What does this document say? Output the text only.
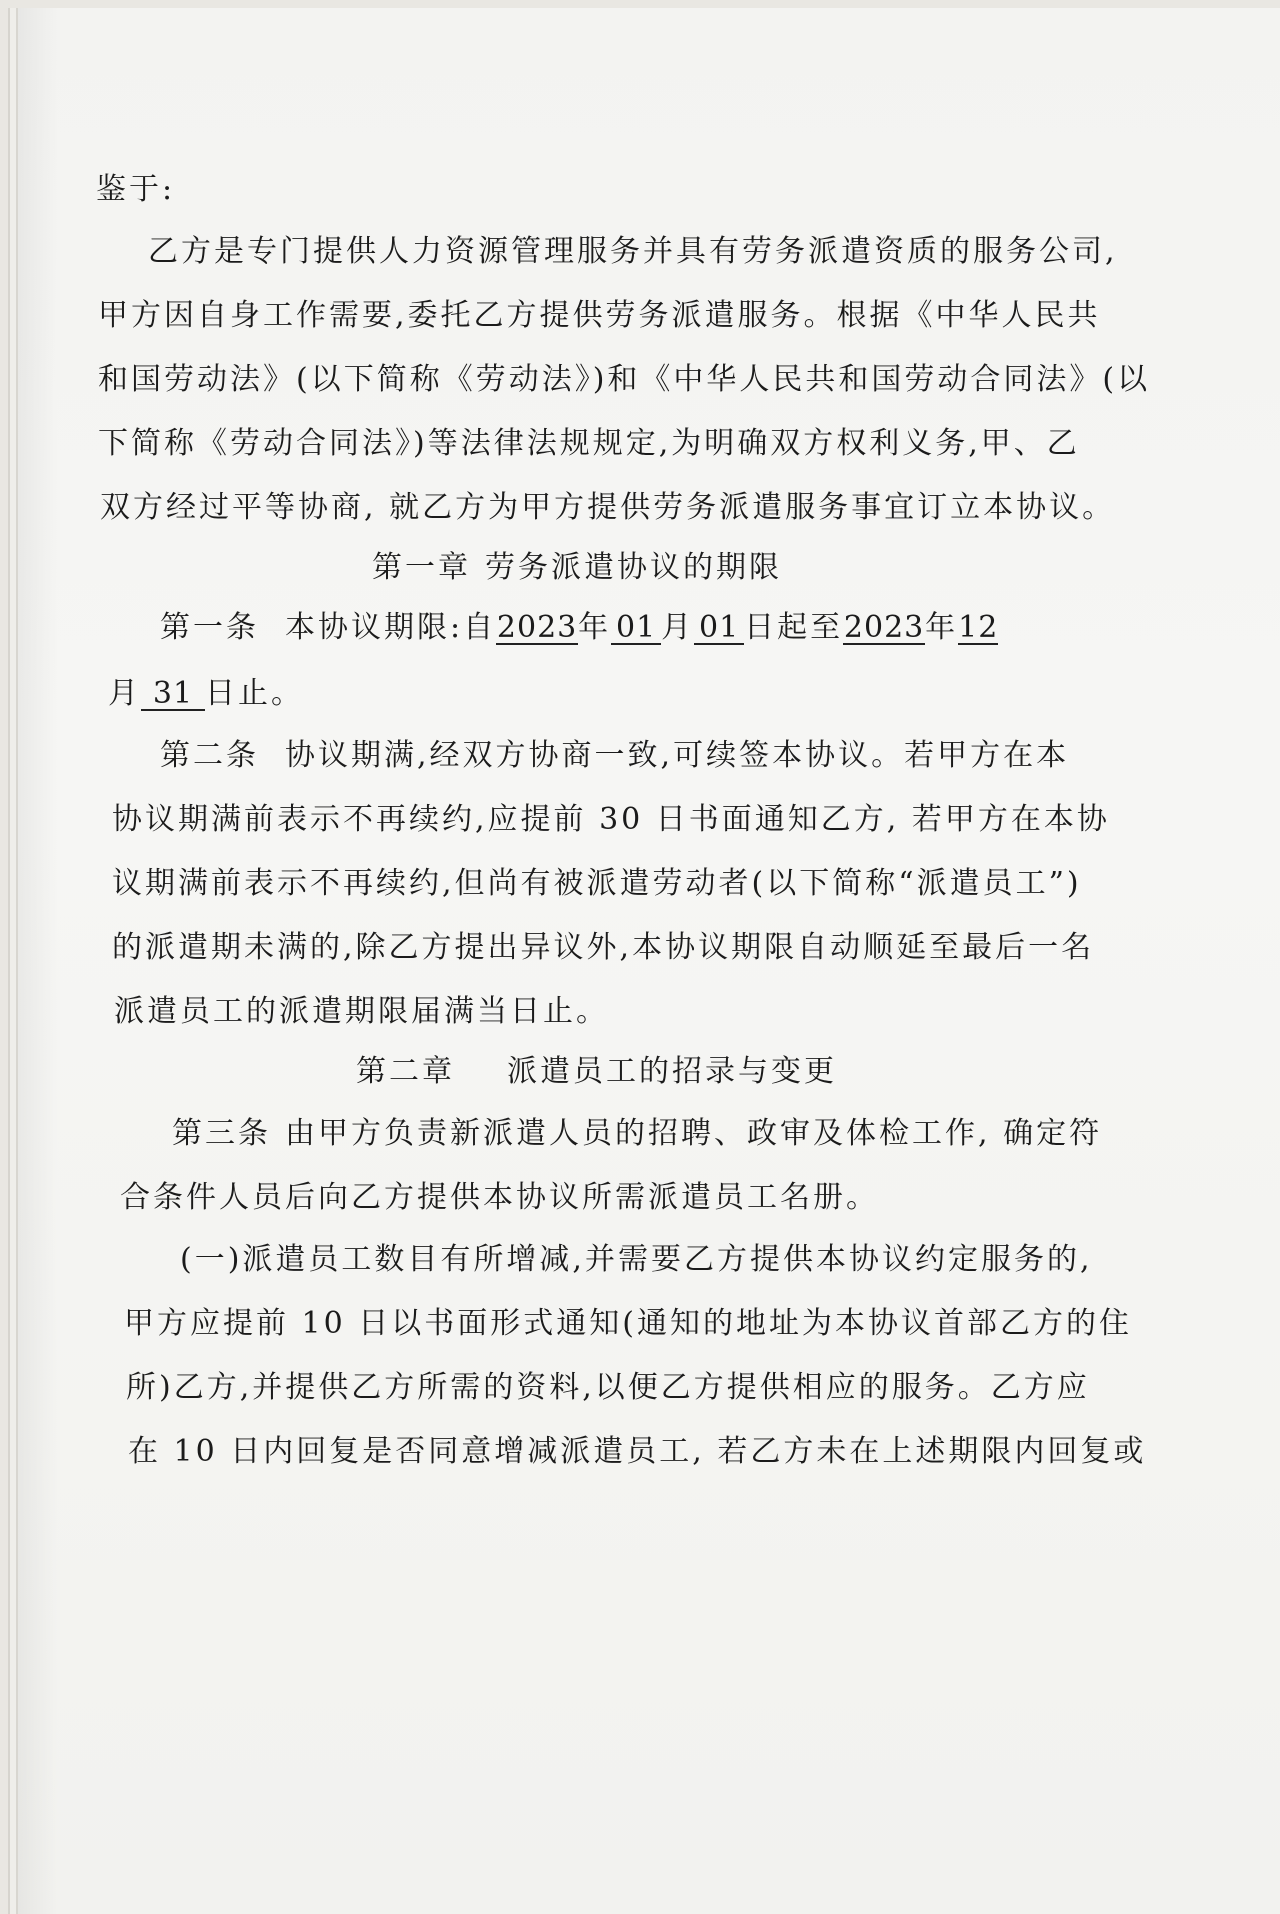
鉴于:
乙方是专门提供人力资源管理服务并具有劳务派遣资质的服务公司,
甲方因自身工作需要,委托乙方提供劳务派遣服务。根据《中华人民共
和国劳动法》(以下简称《劳动法》)和《中华人民共和国劳动合同法》(以
下简称《劳动合同法》)等法律法规规定,为明确双方权利义务,甲、乙
双方经过平等协商, 就乙方为甲方提供劳务派遣服务事宜订立本协议。
第一章 劳务派遣协议的期限
第一条 本协议期限:自2023年 01 月 01 日起至2023年12
月 31 日止。
第二条 协议期满,经双方协商一致,可续签本协议。若甲方在本
协议期满前表示不再续约,应提前 30 日书面通知乙方, 若甲方在本协
议期满前表示不再续约,但尚有被派遣劳动者(以下简称“派遣员工”)
的派遣期未满的,除乙方提出异议外,本协议期限自动顺延至最后一名
派遣员工的派遣期限届满当日止。
第二章 派遣员工的招录与变更
第三条 由甲方负责新派遣人员的招聘、政审及体检工作, 确定符
合条件人员后向乙方提供本协议所需派遣员工名册。
(一)派遣员工数目有所增减,并需要乙方提供本协议约定服务的,
甲方应提前 10 日以书面形式通知(通知的地址为本协议首部乙方的住
所)乙方,并提供乙方所需的资料,以便乙方提供相应的服务。乙方应
在 10 日内回复是否同意增减派遣员工, 若乙方未在上述期限内回复或
